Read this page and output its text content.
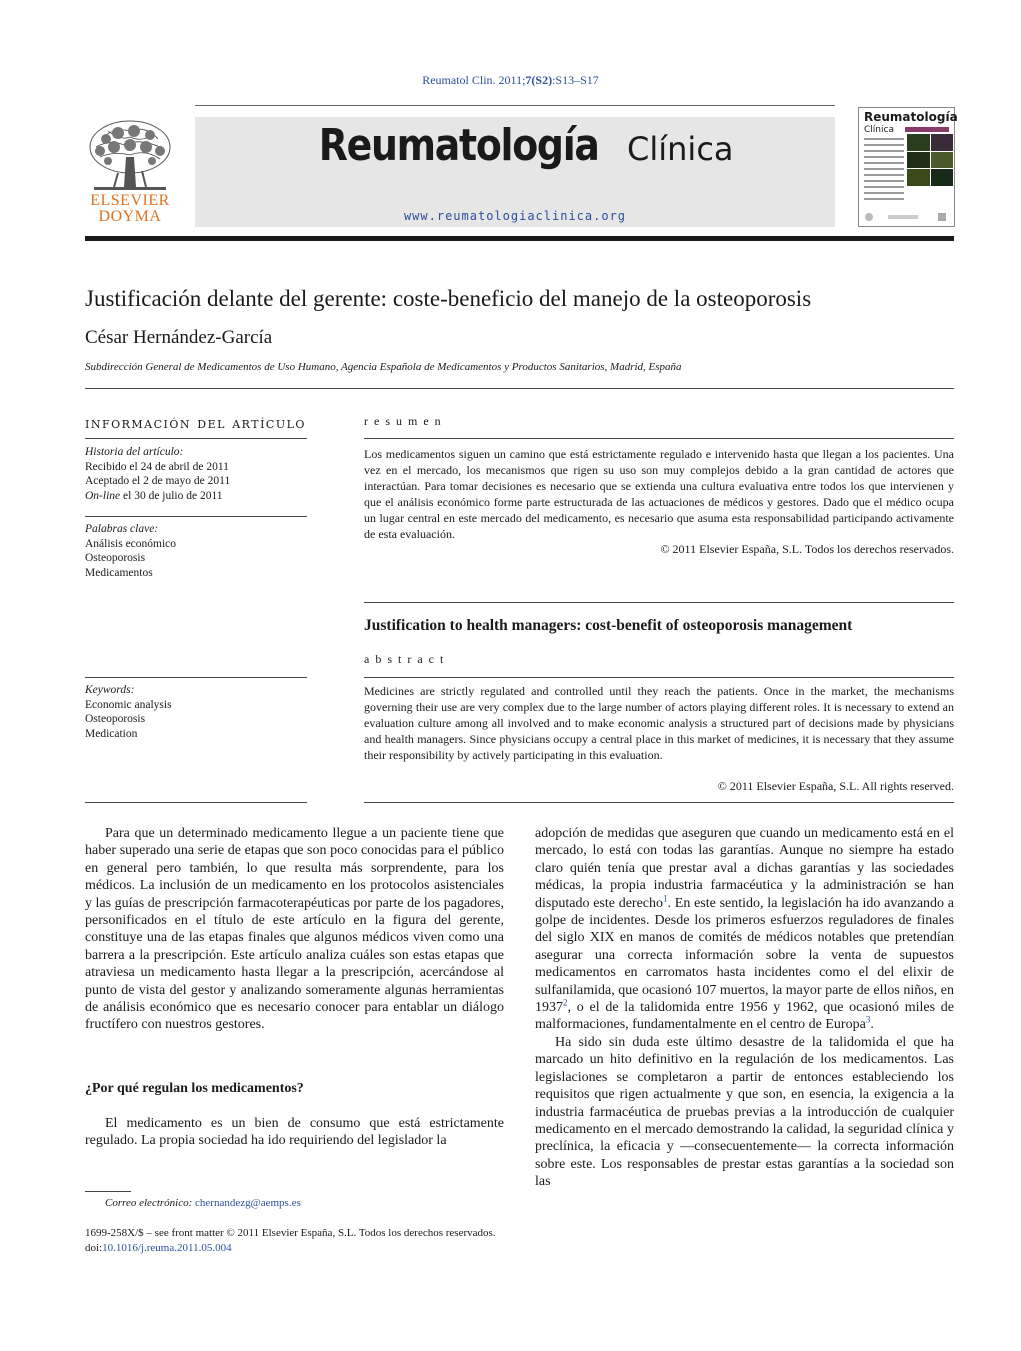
Reumatol Clin. 2011;7(S2):S13–S17
ELSEVIER
DOYMA
Reumatología Clínica
www.reumatologiaclinica.org
Reumatología
Clínica
Justificación delante del gerente: coste-beneficio del manejo de la osteoporosis
César Hernández-García
Subdirección General de Medicamentos de Uso Humano, Agencia Española de Medicamentos y Productos Sanitarios, Madrid, España
información del artículo
Historia del artículo:
Recibido el 24 de abril de 2011
Aceptado el 2 de mayo de 2011
On-line el 30 de julio de 2011
Palabras clave:
Análisis económico
Osteoporosis
Medicamentos
Keywords:
Economic analysis
Osteoporosis
Medication
resumen
Los medicamentos siguen un camino que está estrictamente regulado e intervenido hasta que llegan a los pacientes. Una vez en el mercado, los mecanismos que rigen su uso son muy complejos debido a la gran cantidad de actores que interactúan. Para tomar decisiones es necesario que se extienda una cultura evaluativa entre todos los que intervienen y que el análisis económico forme parte estructurada de las actuaciones de médicos y gestores. Dado que el médico ocupa un lugar central en este mercado del medicamento, es necesario que asuma esta responsabilidad participando activamente de esta evaluación.
© 2011 Elsevier España, S.L. Todos los derechos reservados.
Justification to health managers: cost-benefit of osteoporosis management
abstract
Medicines are strictly regulated and controlled until they reach the patients. Once in the market, the mechanisms governing their use are very complex due to the large number of actors playing different roles. It is necessary to extend an evaluation culture among all involved and to make economic analysis a structured part of decisions made by physicians and health managers. Since physicians occupy a central place in this market of medicines, it is necessary that they assume their responsibility by actively participating in this evaluation.
© 2011 Elsevier España, S.L. All rights reserved.

Para que un determinado medicamento llegue a un paciente tiene que haber superado una serie de etapas que son poco conocidas para el público en general pero también, lo que resulta más sorprendente, para los médicos. La inclusión de un medicamento en los protocolos asistenciales y las guías de prescripción farmacoterapéuticas por parte de los pagadores, personificados en el título de este artículo en la figura del gerente, constituye una de las etapas finales que algunos médicos viven como una barrera a la prescripción. Este artículo analiza cuáles son estas etapas que atraviesa un medicamento hasta llegar a la prescripción, acercándose al punto de vista del gestor y analizando someramente algunas herramientas de análisis económico que es necesario conocer para entablar un diálogo fructífero con nuestros gestores.

¿Por qué regulan los medicamentos?

El medicamento es un bien de consumo que está estrictamente regulado. La propia sociedad ha ido requiriendo del legislador la

adopción de medidas que aseguren que cuando un medicamento está en el mercado, lo está con todas las garantías. Aunque no siempre ha estado claro quién tenía que prestar aval a dichas garantías y las sociedades médicas, la propia industria farmacéutica y la administración se han disputado este derecho$^1$. En este sentido, la legislación ha ido avanzando a golpe de incidentes. Desde los primeros esfuerzos reguladores de finales del siglo XIX en manos de comités de médicos notables que pretendían asegurar una correcta información sobre la venta de supuestos medicamentos en carromatos hasta incidentes como el del elixir de sulfanilamida, que ocasionó 107 muertos, la mayor parte de ellos niños, en 1937$^2$, o el de la talidomida entre 1956 y 1962, que ocasionó miles de malformaciones, fundamentalmente en el centro de Europa$^3$.

Ha sido sin duda este último desastre de la talidomida el que ha marcado un hito definitivo en la regulación de los medicamentos. Las legislaciones se completaron a partir de entonces estableciendo los requisitos que rigen actualmente y que son, en esencia, la exigencia a la industria farmacéutica de pruebas previas a la introducción de cualquier medicamento en el mercado demostrando la calidad, la seguridad clínica y preclínica, la eficacia y —consecuentemente— la correcta información sobre este. Los responsables de prestar estas garantías a la sociedad son las

Correo electrónico: chernandezg@aemps.es
1699-258X/$ – see front matter © 2011 Elsevier España, S.L. Todos los derechos reservados.
doi:10.1016/j.reuma.2011.05.004
